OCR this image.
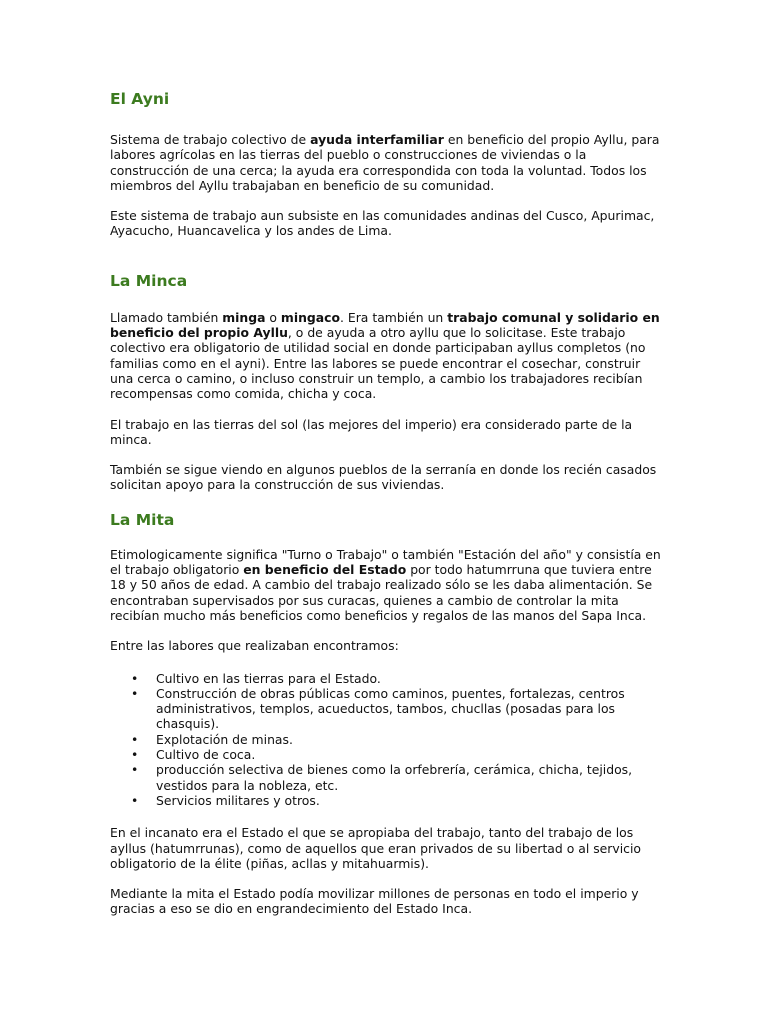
El Ayni

Sistema de trabajo colectivo de ayuda interfamiliar en beneficio del propio Ayllu, para labores agrícolas en las tierras del pueblo o construcciones de viviendas o la construcción de una cerca; la ayuda era correspondida con toda la voluntad. Todos los miembros del Ayllu trabajaban en beneficio de su comunidad.

Este sistema de trabajo aun subsiste en las comunidades andinas del Cusco, Apurimac, Ayacucho, Huancavelica y los andes de Lima.

La Minca

Llamado también minga o mingaco. Era también un trabajo comunal y solidario en beneficio del propio Ayllu, o de ayuda a otro ayllu que lo solicitase. Este trabajo colectivo era obligatorio de utilidad social en donde participaban ayllus completos (no familias como en el ayni). Entre las labores se puede encontrar el cosechar, construir una cerca o camino, o incluso construir un templo, a cambio los trabajadores recibían recompensas como comida, chicha y coca.

El trabajo en las tierras del sol (las mejores del imperio) era considerado parte de la minca.

También se sigue viendo en algunos pueblos de la serranía en donde los recién casados solicitan apoyo para la construcción de sus viviendas.

La Mita

Etimologicamente significa "Turno o Trabajo" o también "Estación del año" y consistía en el trabajo obligatorio en beneficio del Estado por todo hatumrruna que tuviera entre 18 y 50 años de edad. A cambio del trabajo realizado sólo se les daba alimentación. Se encontraban supervisados por sus curacas, quienes a cambio de controlar la mita recibían mucho más beneficios como beneficios y regalos de las manos del Sapa Inca.

Entre las labores que realizaban encontramos:

• Cultivo en las tierras para el Estado.
• Construcción de obras públicas como caminos, puentes, fortalezas, centros administrativos, templos, acueductos, tambos, chucllas (posadas para los chasquis).
• Explotación de minas.
• Cultivo de coca.
• producción selectiva de bienes como la orfebrería, cerámica, chicha, tejidos, vestidos para la nobleza, etc.
• Servicios militares y otros.

En el incanato era el Estado el que se apropiaba del trabajo, tanto del trabajo de los ayllus (hatumrrunas), como de aquellos que eran privados de su libertad o al servicio obligatorio de la élite (piñas, acllas y mitahuarmis).

Mediante la mita el Estado podía movilizar millones de personas en todo el imperio y gracias a eso se dio en engrandecimiento del Estado Inca.
